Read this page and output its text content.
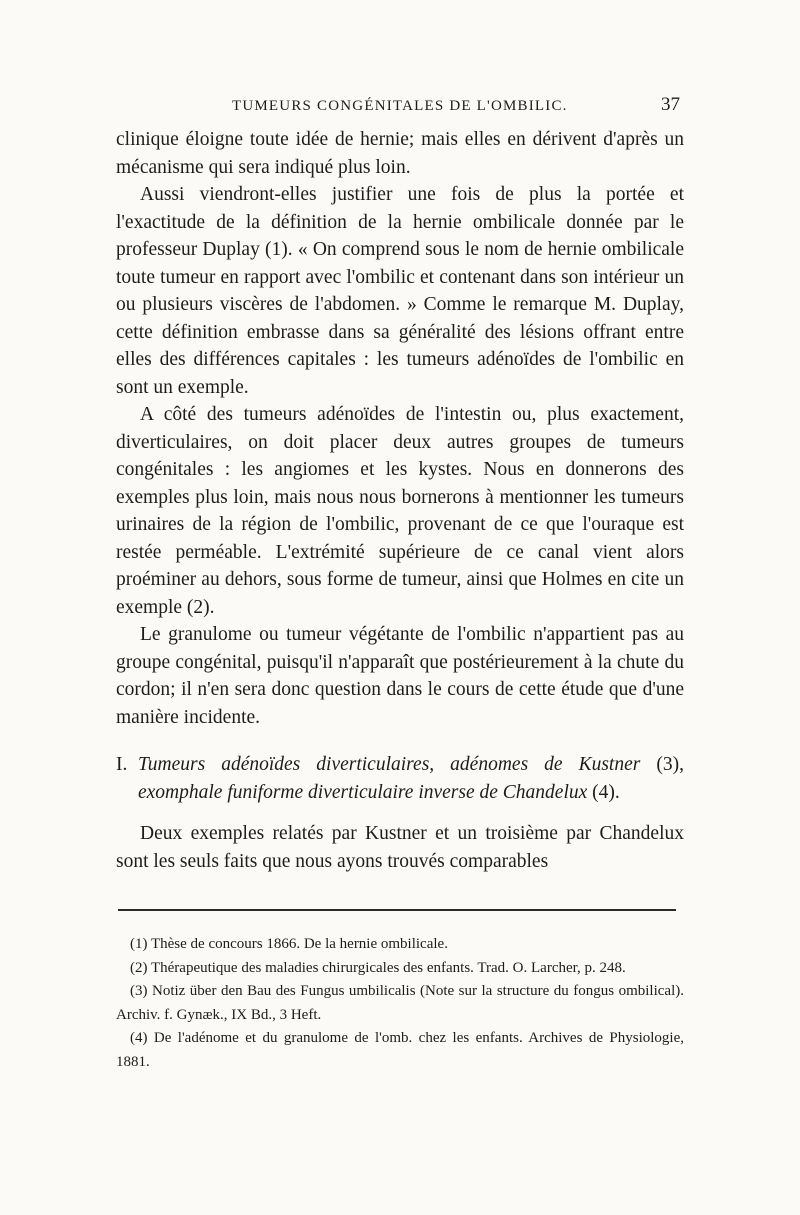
TUMEURS CONGÉNITALES DE L'OMBILIC.	37

clinique éloigne toute idée de hernie; mais elles en dérivent d'après un mécanisme qui sera indiqué plus loin.

Aussi viendront-elles justifier une fois de plus la portée et l'exactitude de la définition de la hernie ombilicale donnée par le professeur Duplay (1). « On comprend sous le nom de hernie ombilicale toute tumeur en rapport avec l'ombilic et contenant dans son intérieur un ou plusieurs viscères de l'abdomen. » Comme le remarque M. Duplay, cette définition embrasse dans sa généralité des lésions offrant entre elles des différences capitales : les tumeurs adénoïdes de l'ombilic en sont un exemple.

A côté des tumeurs adénoïdes de l'intestin ou, plus exactement, diverticulaires, on doit placer deux autres groupes de tumeurs congénitales : les angiomes et les kystes. Nous en donnerons des exemples plus loin, mais nous nous bornerons à mentionner les tumeurs urinaires de la région de l'ombilic, provenant de ce que l'ouraque est restée perméable. L'extrémité supérieure de ce canal vient alors proéminer au dehors, sous forme de tumeur, ainsi que Holmes en cite un exemple (2).

Le granulome ou tumeur végétante de l'ombilic n'appartient pas au groupe congénital, puisqu'il n'apparaît que postérieurement à la chute du cordon; il n'en sera donc question dans le cours de cette étude que d'une manière incidente.

I. Tumeurs adénoïdes diverticulaires, adénomes de Kustner (3), exomphale funiforme diverticulaire inverse de Chandelux (4).

Deux exemples relatés par Kustner et un troisième par Chandelux sont les seuls faits que nous ayons trouvés comparables

(1) Thèse de concours 1866. De la hernie ombilicale.

(2) Thérapeutique des maladies chirurgicales des enfants. Trad. O. Larcher, p. 248.

(3) Notiz über den Bau des Fungus umbilicalis (Note sur la structure du fongus ombilical). Archiv. f. Gynæk., IX Bd., 3 Heft.

(4) De l'adénome et du granulome de l'omb. chez les enfants. Archives de Physiologie, 1881.
